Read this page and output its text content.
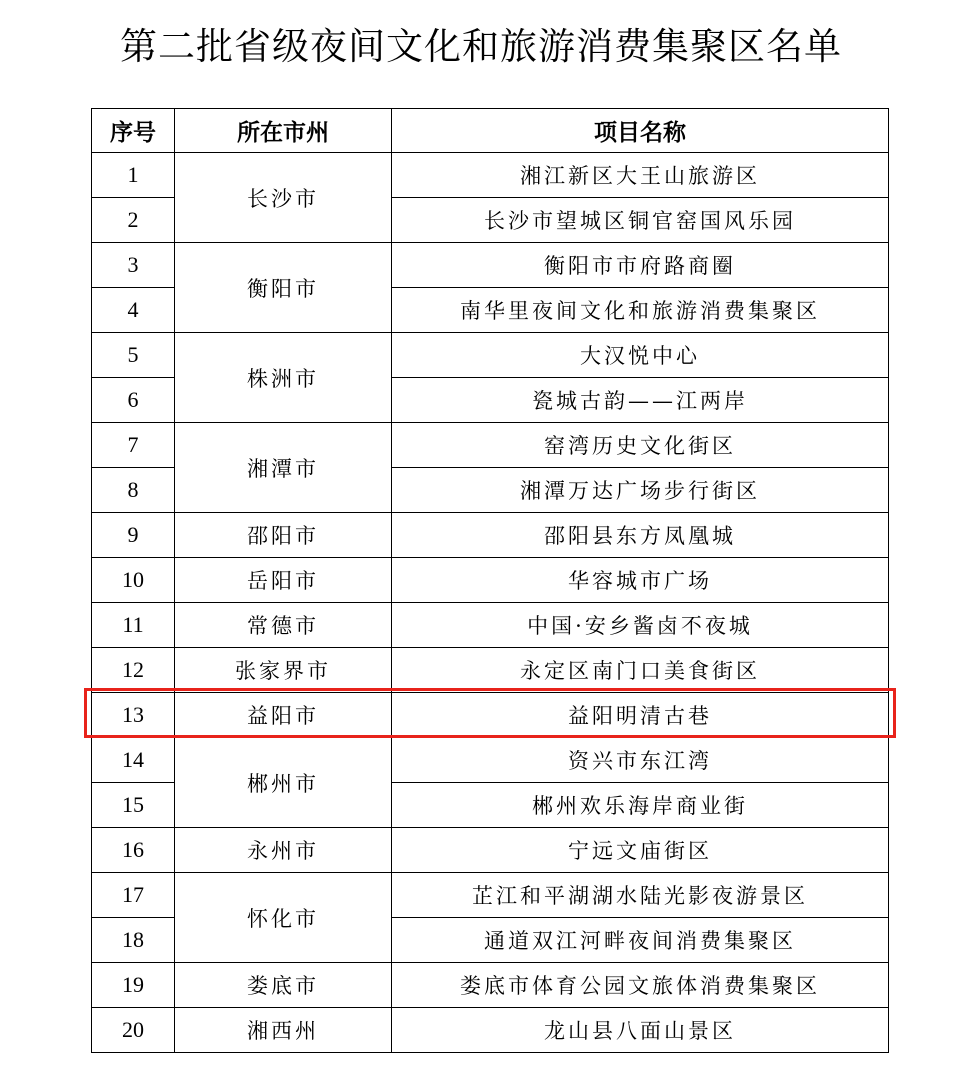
第二批省级夜间文化和旅游消费集聚区名单
序号	所在市州	项目名称
1	长沙市	湘江新区大王山旅游区
2		长沙市望城区铜官窑国风乐园
3	衡阳市	衡阳市市府路商圈
4		南华里夜间文化和旅游消费集聚区
5	株洲市	大汉悦中心
6		瓷城古韵——江两岸
7	湘潭市	窑湾历史文化街区
8		湘潭万达广场步行街区
9	邵阳市	邵阳县东方凤凰城
10	岳阳市	华容城市广场
11	常德市	中国·安乡酱卤不夜城
12	张家界市	永定区南门口美食街区
13	益阳市	益阳明清古巷
14	郴州市	资兴市东江湾
15		郴州欢乐海岸商业街
16	永州市	宁远文庙街区
17	怀化市	芷江和平湖湖水陆光影夜游景区
18		通道双江河畔夜间消费集聚区
19	娄底市	娄底市体育公园文旅体消费集聚区
20	湘西州	龙山县八面山景区
